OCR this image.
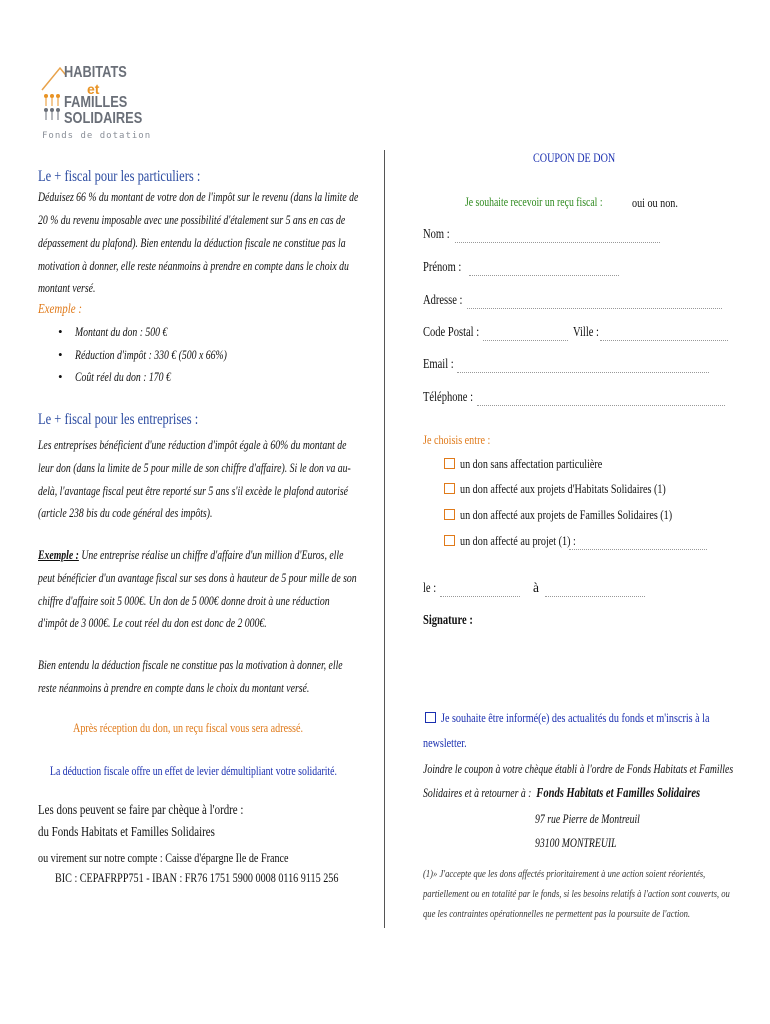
HABITATS
et
FAMILLES
SOLIDAIRES
Fonds de dotation
Le + fiscal pour les particuliers :
Déduisez 66 % du montant de votre don de l'impôt sur le revenu (dans la limite de
20 % du revenu imposable avec une possibilité d'étalement sur 5 ans en cas de
dépassement du plafond). Bien entendu la déduction fiscale ne constitue pas la
motivation à donner, elle reste néanmoins à prendre en compte dans le choix du
montant versé.
Exemple :
•    Montant du don : 500 €
•    Réduction d'impôt : 330 € (500 x 66%)
•    Coût réel du don : 170 €
Le + fiscal pour les entreprises :
Les entreprises bénéficient d'une réduction d'impôt égale à 60% du montant de
leur don (dans la limite de 5 pour mille de son chiffre d'affaire). Si le don va au-
delà, l'avantage fiscal peut être reporté sur 5 ans s'il excède le plafond autorisé
(article 238 bis du code général des impôts).
Exemple : Une entreprise réalise un chiffre d'affaire d'un million d'Euros, elle
peut bénéficier d'un avantage fiscal sur ses dons à hauteur de 5 pour mille de son
chiffre d'affaire soit 5 000€. Un don de 5 000€ donne droit à une réduction
d'impôt de 3 000€. Le cout réel du don est donc de 2 000€.
Bien entendu la déduction fiscale ne constitue pas la motivation à donner, elle
reste néanmoins à prendre en compte dans le choix du montant versé.
Après réception du don, un reçu fiscal vous sera adressé.
La déduction fiscale offre un effet de levier démultipliant votre solidarité.
Les dons peuvent se faire par chèque à l'ordre :
du Fonds Habitats et Familles Solidaires
ou virement sur notre compte : Caisse d'épargne Ile de France
BIC : CEPAFRPP751 - IBAN : FR76 1751 5900 0008 0116 9115 256
COUPON DE DON
Je souhaite recevoir un reçu fiscal :	oui ou non.
Nom :
Prénom :
Adresse :
Code Postal :	Ville :
Email :
Téléphone :
Je choisis entre :
un don sans affectation particulière
un don affecté aux projets d'Habitats Solidaires (1)
un don affecté aux projets de Familles Solidaires (1)
un don affecté au projet (1) :
le :	à
Signature :
Je souhaite être informé(e) des actualités du fonds et m'inscris à la
newsletter.
Joindre le coupon à votre chèque établi à l'ordre de Fonds Habitats et Familles
Solidaires et à retourner à : Fonds Habitats et Familles Solidaires
97 rue Pierre de Montreuil
93100 MONTREUIL
(1)» J'accepte que les dons affectés prioritairement à une action soient réorientés,
partiellement ou en totalité par le fonds, si les besoins relatifs à l'action sont couverts, ou
que les contraintes opérationnelles ne permettent pas la poursuite de l'action.
